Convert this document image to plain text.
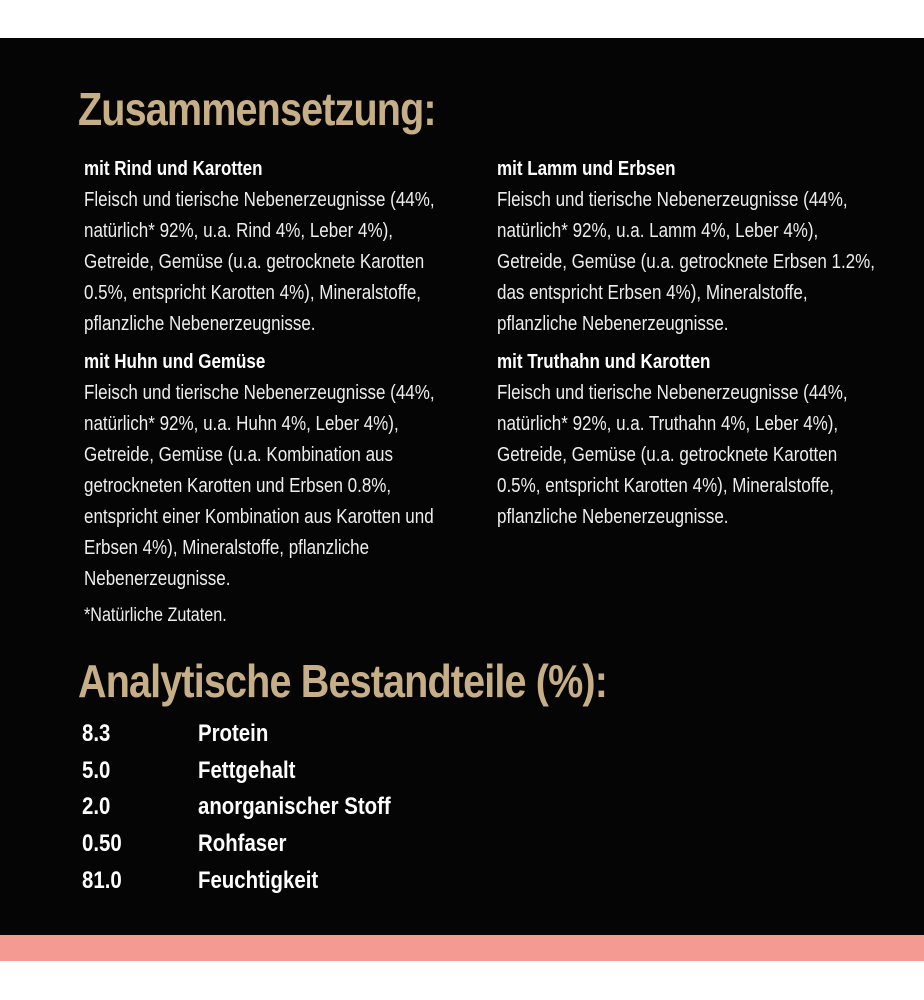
Zusammensetzung:
mit Rind und Karotten
Fleisch und tierische Nebenerzeugnisse (44%,
natürlich* 92%, u.a. Rind 4%, Leber 4%),
Getreide, Gemüse (u.a. getrocknete Karotten
0.5%, entspricht Karotten 4%), Mineralstoffe,
pflanzliche Nebenerzeugnisse.
mit Huhn und Gemüse
Fleisch und tierische Nebenerzeugnisse (44%,
natürlich* 92%, u.a. Huhn 4%, Leber 4%),
Getreide, Gemüse (u.a. Kombination aus
getrockneten Karotten und Erbsen 0.8%,
entspricht einer Kombination aus Karotten und
Erbsen 4%), Mineralstoffe, pflanzliche
Nebenerzeugnisse.
mit Lamm und Erbsen
Fleisch und tierische Nebenerzeugnisse (44%,
natürlich* 92%, u.a. Lamm 4%, Leber 4%),
Getreide, Gemüse (u.a. getrocknete Erbsen 1.2%,
das entspricht Erbsen 4%), Mineralstoffe,
pflanzliche Nebenerzeugnisse.
mit Truthahn und Karotten
Fleisch und tierische Nebenerzeugnisse (44%,
natürlich* 92%, u.a. Truthahn 4%, Leber 4%),
Getreide, Gemüse (u.a. getrocknete Karotten
0.5%, entspricht Karotten 4%), Mineralstoffe,
pflanzliche Nebenerzeugnisse.
*Natürliche Zutaten.
Analytische Bestandteile (%):
8.3	Protein
5.0	Fettgehalt
2.0	anorganischer Stoff
0.50	Rohfaser
81.0	Feuchtigkeit
